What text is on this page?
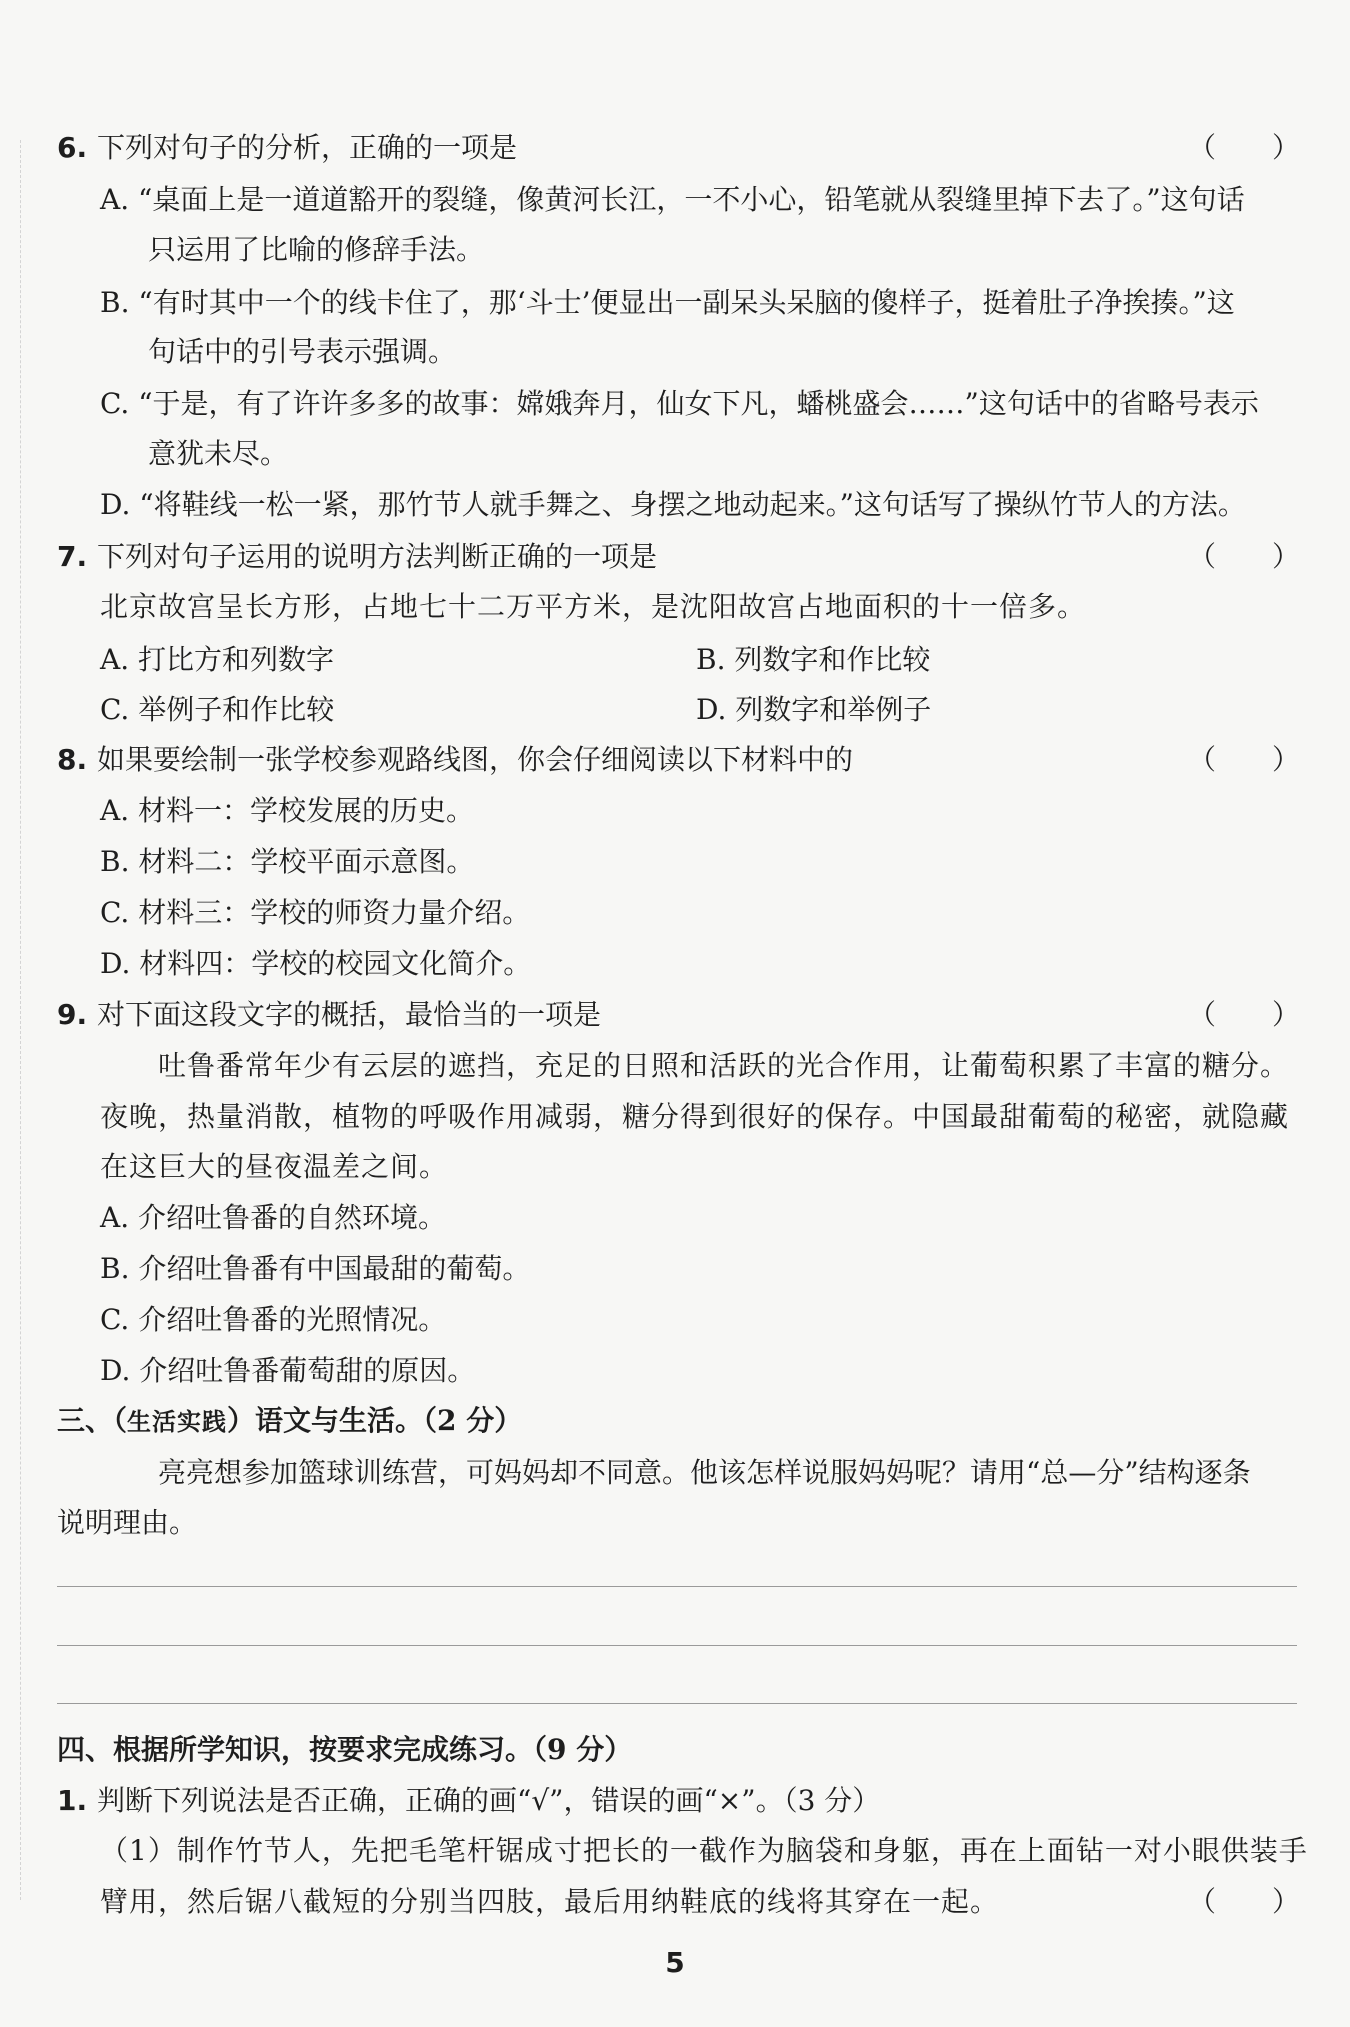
6. 下列对句子的分析，正确的一项是	（　　）
A. “桌面上是一道道豁开的裂缝，像黄河长江，一不小心，铅笔就从裂缝里掉下去了。”这句话
只运用了比喻的修辞手法。
B. “有时其中一个的线卡住了，那‘斗士’便显出一副呆头呆脑的傻样子，挺着肚子净挨揍。”这
句话中的引号表示强调。
C. “于是，有了许许多多的故事：嫦娥奔月，仙女下凡，蟠桃盛会……”这句话中的省略号表示
意犹未尽。
D. “将鞋线一松一紧，那竹节人就手舞之、身摆之地动起来。”这句话写了操纵竹节人的方法。
7. 下列对句子运用的说明方法判断正确的一项是	（　　）
北京故宫呈长方形，占地七十二万平方米，是沈阳故宫占地面积的十一倍多。
A. 打比方和列数字	B. 列数字和作比较
C. 举例子和作比较	D. 列数字和举例子
8. 如果要绘制一张学校参观路线图，你会仔细阅读以下材料中的	（　　）
A. 材料一：学校发展的历史。
B. 材料二：学校平面示意图。
C. 材料三：学校的师资力量介绍。
D. 材料四：学校的校园文化简介。
9. 对下面这段文字的概括，最恰当的一项是	（　　）
吐鲁番常年少有云层的遮挡，充足的日照和活跃的光合作用，让葡萄积累了丰富的糖分。
夜晚，热量消散，植物的呼吸作用减弱，糖分得到很好的保存。中国最甜葡萄的秘密，就隐藏
在这巨大的昼夜温差之间。
A. 介绍吐鲁番的自然环境。
B. 介绍吐鲁番有中国最甜的葡萄。
C. 介绍吐鲁番的光照情况。
D. 介绍吐鲁番葡萄甜的原因。
三、（生活实践）语文与生活。（2 分）
亮亮想参加篮球训练营，可妈妈却不同意。他该怎样说服妈妈呢？请用“总—分”结构逐条
说明理由。
四、根据所学知识，按要求完成练习。（9 分）
1. 判断下列说法是否正确，正确的画“√”，错误的画“×”。（3 分）
（1）制作竹节人，先把毛笔杆锯成寸把长的一截作为脑袋和身躯，再在上面钻一对小眼供装手
臂用，然后锯八截短的分别当四肢，最后用纳鞋底的线将其穿在一起。	（　　）
5
